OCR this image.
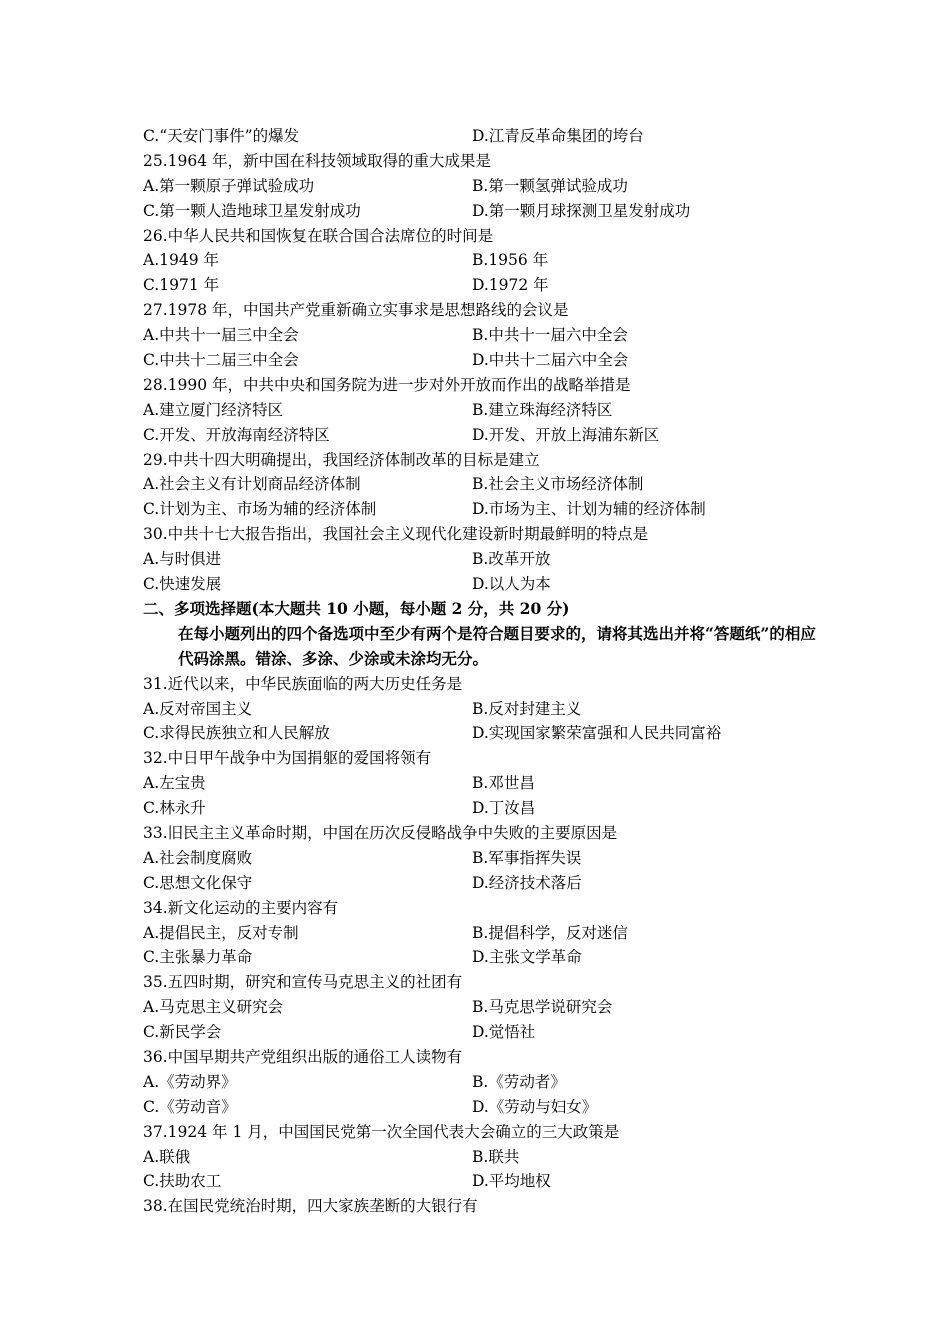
C.“天安门事件”的爆发	D.江青反革命集团的垮台
25.1964 年，新中国在科技领域取得的重大成果是
A.第一颗原子弹试验成功	B.第一颗氢弹试验成功
C.第一颗人造地球卫星发射成功	D.第一颗月球探测卫星发射成功
26.中华人民共和国恢复在联合国合法席位的时间是
A.1949 年	B.1956 年
C.1971 年	D.1972 年
27.1978 年，中国共产党重新确立实事求是思想路线的会议是
A.中共十一届三中全会	B.中共十一届六中全会
C.中共十二届三中全会	D.中共十二届六中全会
28.1990 年，中共中央和国务院为进一步对外开放而作出的战略举措是
A.建立厦门经济特区	B.建立珠海经济特区
C.开发、开放海南经济特区	D.开发、开放上海浦东新区
29.中共十四大明确提出，我国经济体制改革的目标是建立
A.社会主义有计划商品经济体制	B.社会主义市场经济体制
C.计划为主、市场为辅的经济体制	D.市场为主、计划为辅的经济体制
30.中共十七大报告指出，我国社会主义现代化建设新时期最鲜明的特点是
A.与时俱进	B.改革开放
C.快速发展	D.以人为本
二、多项选择题(本大题共 10 小题，每小题 2 分，共 20 分)
在每小题列出的四个备选项中至少有两个是符合题目要求的，请将其选出并将“答题纸”的相应代码涂黑。错涂、多涂、少涂或未涂均无分。
31.近代以来，中华民族面临的两大历史任务是
A.反对帝国主义	B.反对封建主义
C.求得民族独立和人民解放	D.实现国家繁荣富强和人民共同富裕
32.中日甲午战争中为国捐躯的爱国将领有
A.左宝贵	B.邓世昌
C.林永升	D.丁汝昌
33.旧民主主义革命时期，中国在历次反侵略战争中失败的主要原因是
A.社会制度腐败	B.军事指挥失误
C.思想文化保守	D.经济技术落后
34.新文化运动的主要内容有
A.提倡民主，反对专制	B.提倡科学，反对迷信
C.主张暴力革命	D.主张文学革命
35.五四时期，研究和宣传马克思主义的社团有
A.马克思主义研究会	B.马克思学说研究会
C.新民学会	D.觉悟社
36.中国早期共产党组织出版的通俗工人读物有
A.《劳动界》	B.《劳动者》
C.《劳动音》	D.《劳动与妇女》
37.1924 年 1 月，中国国民党第一次全国代表大会确立的三大政策是
A.联俄	B.联共
C.扶助农工	D.平均地权
38.在国民党统治时期，四大家族垄断的大银行有
